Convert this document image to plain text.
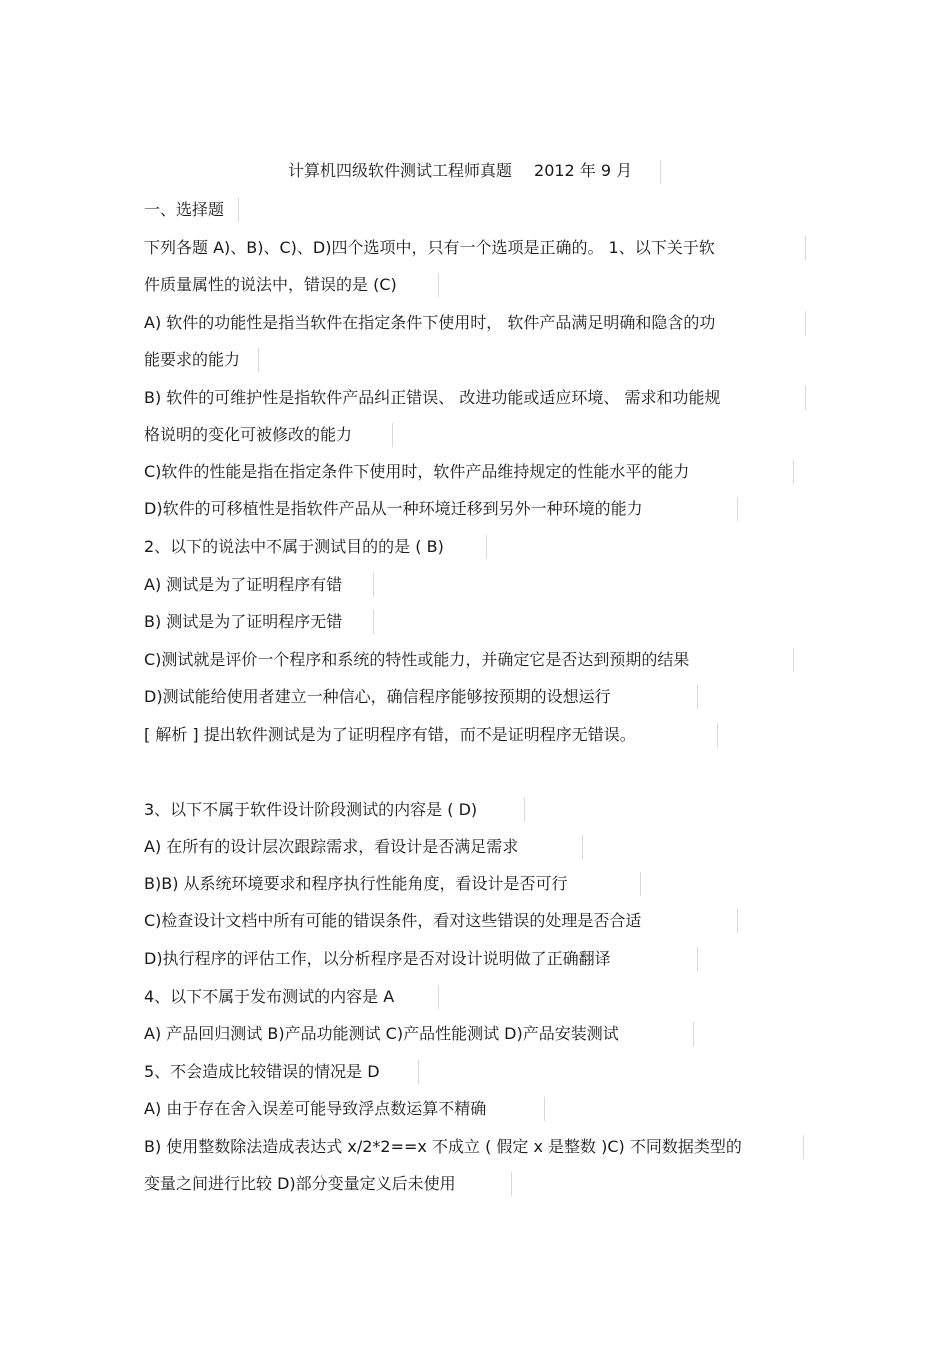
计算机四级软件测试工程师真题 2012 年 9 月
一、选择题
下列各题 A)、B)、C)、D)四个选项中，只有一个选项是正确的。 1、以下关于软
件质量属性的说法中，错误的是 (C)
A) 软件的功能性是指当软件在指定条件下使用时， 软件产品满足明确和隐含的功
能要求的能力
B) 软件的可维护性是指软件产品纠正错误、 改进功能或适应环境、 需求和功能规
格说明的变化可被修改的能力
C)软件的性能是指在指定条件下使用时，软件产品维持规定的性能水平的能力
D)软件的可移植性是指软件产品从一种环境迁移到另外一种环境的能力
2、以下的说法中不属于测试目的的是 ( B)
A) 测试是为了证明程序有错
B) 测试是为了证明程序无错
C)测试就是评价一个程序和系统的特性或能力，并确定它是否达到预期的结果
D)测试能给使用者建立一种信心，确信程序能够按预期的设想运行
[ 解析 ] 提出软件测试是为了证明程序有错，而不是证明程序无错误。
3、以下不属于软件设计阶段测试的内容是 ( D)
A) 在所有的设计层次跟踪需求，看设计是否满足需求
B)B) 从系统环境要求和程序执行性能角度，看设计是否可行
C)检查设计文档中所有可能的错误条件，看对这些错误的处理是否合适
D)执行程序的评估工作，以分析程序是否对设计说明做了正确翻译
4、以下不属于发布测试的内容是 A
A) 产品回归测试 B)产品功能测试 C)产品性能测试 D)产品安装测试
5、不会造成比较错误的情况是 D
A) 由于存在舍入误差可能导致浮点数运算不精确
B) 使用整数除法造成表达式 x/2*2==x 不成立 ( 假定 x 是整数 )C) 不同数据类型的
变量之间进行比较 D)部分变量定义后未使用
